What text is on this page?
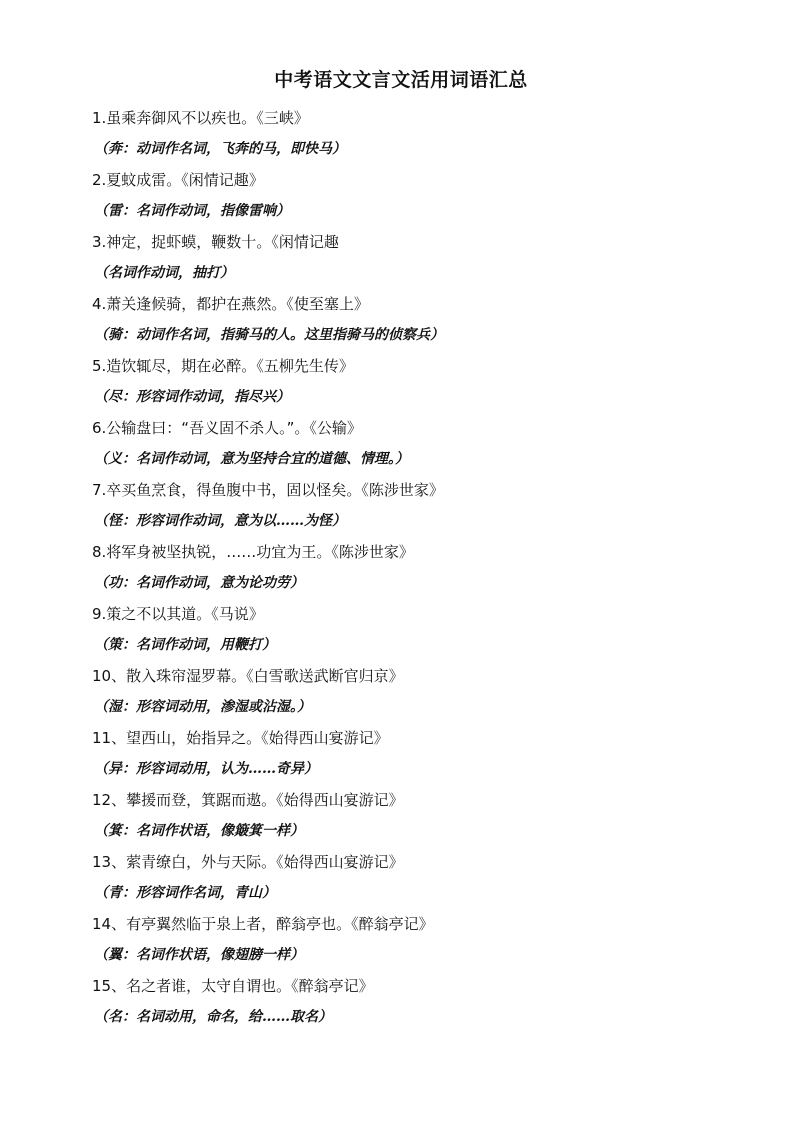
中考语文文言文活用词语汇总
1.虽乘奔御风不以疾也。《三峡》
（奔：动词作名词，飞奔的马，即快马）
2.夏蚊成雷。《闲情记趣》
（雷：名词作动词，指像雷响）
3.神定，捉虾蟆，鞭数十。《闲情记趣
（名词作动词，抽打）
4.萧关逢候骑，都护在燕然。《使至塞上》
（骑：动词作名词，指骑马的人。这里指骑马的侦察兵）
5.造饮辄尽，期在必醉。《五柳先生传》
（尽：形容词作动词，指尽兴）
6.公输盘曰：“吾义固不杀人。”。《公输》
（义：名词作动词，意为坚持合宜的道德、情理。）
7.卒买鱼烹食，得鱼腹中书，固以怪矣。《陈涉世家》
（怪：形容词作动词，意为以……为怪）
8.将军身被坚执锐，……功宜为王。《陈涉世家》
（功：名词作动词，意为论功劳）
9.策之不以其道。《马说》
（策：名词作动词，用鞭打）
10、散入珠帘湿罗幕。《白雪歌送武断官归京》
（湿：形容词动用，渗湿或沾湿。）
11、望西山，始指异之。《始得西山宴游记》
（异：形容词动用，认为……奇异）
12、攀援而登，箕踞而遨。《始得西山宴游记》
（箕：名词作状语，像簸箕一样）
13、萦青缭白，外与天际。《始得西山宴游记》
（青：形容词作名词，青山）
14、有亭翼然临于泉上者，醉翁亭也。《醉翁亭记》
（翼：名词作状语，像翅膀一样）
15、名之者谁，太守自谓也。《醉翁亭记》
（名：名词动用，命名，给……取名）
